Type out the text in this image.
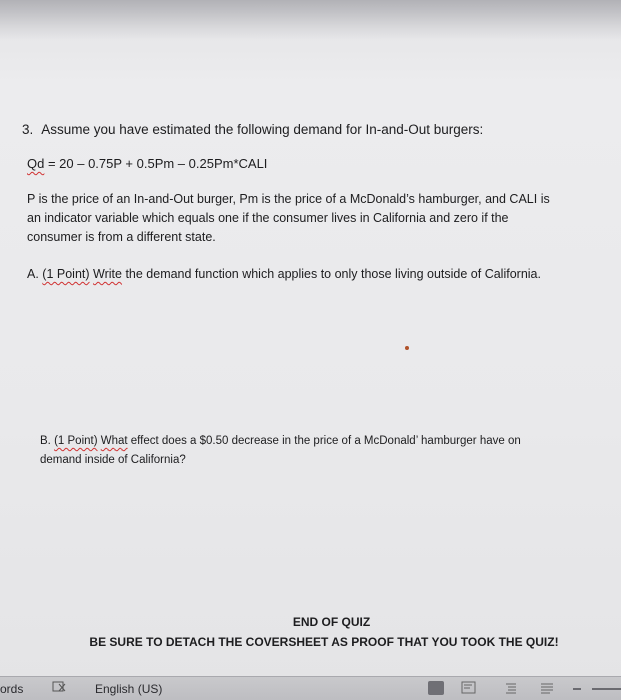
3. Assume you have estimated the following demand for In-and-Out burgers:
Qd = 20 – 0.75P + 0.5Pm – 0.25Pm*CALI
P is the price of an In-and-Out burger, Pm is the price of a McDonald’s hamburger, and CALI is
an indicator variable which equals one if the consumer lives in California and zero if the
consumer is from a different state.
A. (1 Point) Write the demand function which applies to only those living outside of California.
B. (1 Point) What effect does a $0.50 decrease in the price of a McDonald’ hamburger have on
demand inside of California?
END OF QUIZ
BE SURE TO DETACH THE COVERSHEET AS PROOF THAT YOU TOOK THE QUIZ!
ords	English (US)
